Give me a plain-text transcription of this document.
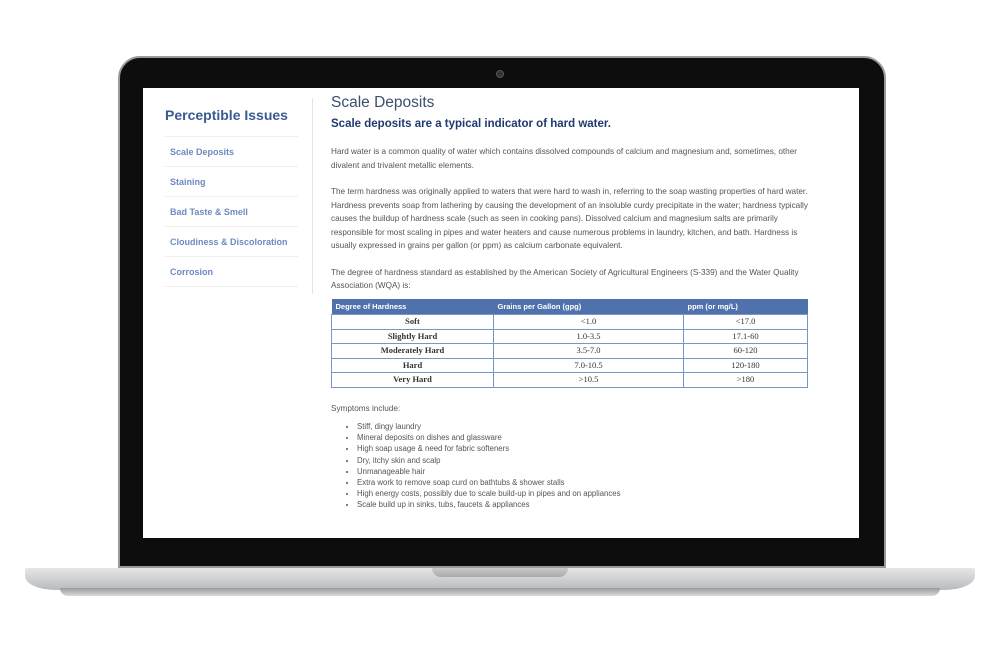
Perceptible Issues
Scale Deposits
Staining
Bad Taste & Smell
Cloudiness & Discoloration
Corrosion
Scale Deposits
Scale deposits are a typical indicator of hard water.

Hard water is a common quality of water which contains dissolved compounds of calcium and magnesium and, sometimes, other divalent and trivalent metallic elements.

The term hardness was originally applied to waters that were hard to wash in, referring to the soap wasting properties of hard water. Hardness prevents soap from lathering by causing the development of an insoluble curdy precipitate in the water; hardness typically causes the buildup of hardness scale (such as seen in cooking pans). Dissolved calcium and magnesium salts are primarily responsible for most scaling in pipes and water heaters and cause numerous problems in laundry, kitchen, and bath. Hardness is usually expressed in grains per gallon (or ppm) as calcium carbonate equivalent.

The degree of hardness standard as established by the American Society of Agricultural Engineers (S-339) and the Water Quality Association (WQA) is:

Degree of Hardness	Grains per Gallon (gpg)	ppm (or mg/L)
Soft	<1.0	<17.0
Slightly Hard	1.0-3.5	17.1-60
Moderately Hard	3.5-7.0	60-120
Hard	7.0-10.5	120-180
Very Hard	>10.5	>180
Symptoms include:
• Stiff, dingy laundry
• Mineral deposits on dishes and glassware
• High soap usage & need for fabric softeners
• Dry, itchy skin and scalp
• Unmanageable hair
• Extra work to remove soap curd on bathtubs & shower stalls
• High energy costs, possibly due to scale build-up in pipes and on appliances
• Scale build up in sinks, tubs, faucets & appliances
